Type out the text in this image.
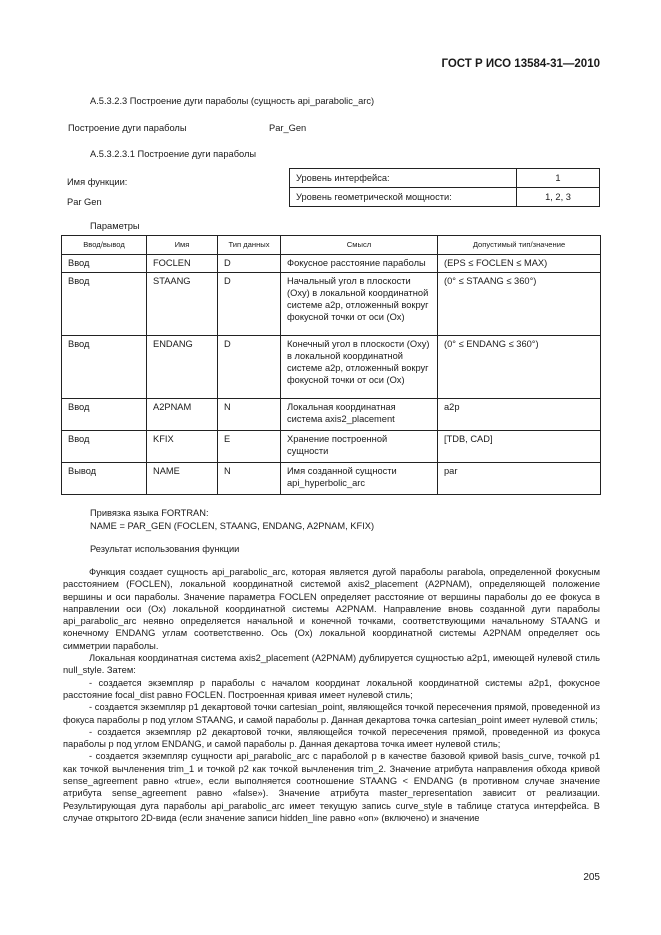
ГОСТ Р ИСО 13584-31—2010
A.5.3.2.3 Построение дуги параболы (сущность api_parabolic_arc)
Построение дуги параболы	Par_Gen
A.5.3.2.3.1 Построение дуги параболы
Имя функции:
Par Gen
Уровень интерфейса:	1
Уровень геометрической мощности:	1, 2, 3
Параметры
Ввод/вывод	Имя	Тип данных	Смысл	Допустимый тип/значение
Ввод	FOCLEN	D	Фокусное расстояние параболы	(EPS ≤ FOCLEN ≤ MAX)
Ввод	STAANG	D	Начальный угол в плоскости (Oxy) в локальной координатной системе a2p, отложенный вокруг фокусной точки от оси (Ox)	(0° ≤ STAANG ≤ 360°)
Ввод	ENDANG	D	Конечный угол в плоскости (Oxy) в локальной координатной системе a2p, отложенный вокруг фокусной точки от оси (Ox)	(0° ≤ ENDANG ≤ 360°)
Ввод	A2PNAM	N	Локальная координатная система axis2_placement	a2p
Ввод	KFIX	E	Хранение построенной сущности	[TDB, CAD]
Вывод	NAME	N	Имя созданной сущности api_hyperbolic_arc	par
Привязка языка FORTRAN:
NAME = PAR_GEN (FOCLEN, STAANG, ENDANG, A2PNAM, KFIX)
Результат использования функции

Функция создает сущность api_parabolic_arc, которая является дугой параболы parabola, определенной фокусным расстоянием (FOCLEN), локальной координатной системой axis2_placement (A2PNAM), определяющей положение вершины и оси параболы. Значение параметра FOCLEN определяет расстояние от вершины параболы до ее фокуса в направлении оси (Ox) локальной координатной системы A2PNAM. Направление вновь созданной дуги параболы api_parabolic_arc неявно определяется начальной и конечной точками, соответствующими начальному STAANG и конечному ENDANG углам соответственно. Ось (Ox) локальной координатной системы A2PNAM определяет ось симметрии параболы.

Локальная координатная система axis2_placement (A2PNAM) дублируется сущностью a2p1, имеющей нулевой стиль null_style. Затем:

- создается экземпляр p параболы с началом координат локальной координатной системы a2p1, фокусное расстояние focal_dist равно FOCLEN. Построенная кривая имеет нулевой стиль;

- создается экземпляр p1 декартовой точки cartesian_point, являющейся точкой пересечения прямой, проведенной из фокуса параболы p под углом STAANG, и самой параболы p. Данная декартова точка cartesian_point имеет нулевой стиль;

- создается экземпляр p2 декартовой точки, являющейся точкой пересечения прямой, проведенной из фокуса параболы p под углом ENDANG, и самой параболы p. Данная декартова точка имеет нулевой стиль;

- создается экземпляр сущности api_parabolic_arc с параболой p в качестве базовой кривой basis_curve, точкой p1 как точкой вычленения trim_1 и точкой p2 как точкой вычленения trim_2. Значение атрибута направления обхода кривой sense_agreement равно «true», если выполняется соотношение STAANG < ENDANG (в противном случае значение атрибута sense_agreement равно «false»). Значение атрибута master_representation зависит от реализации. Результирующая дуга параболы api_parabolic_arc имеет текущую запись curve_style в таблице статуса интерфейса. В случае открытого 2D-вида (если значение записи hidden_line равно «on» (включено) и значение

205
